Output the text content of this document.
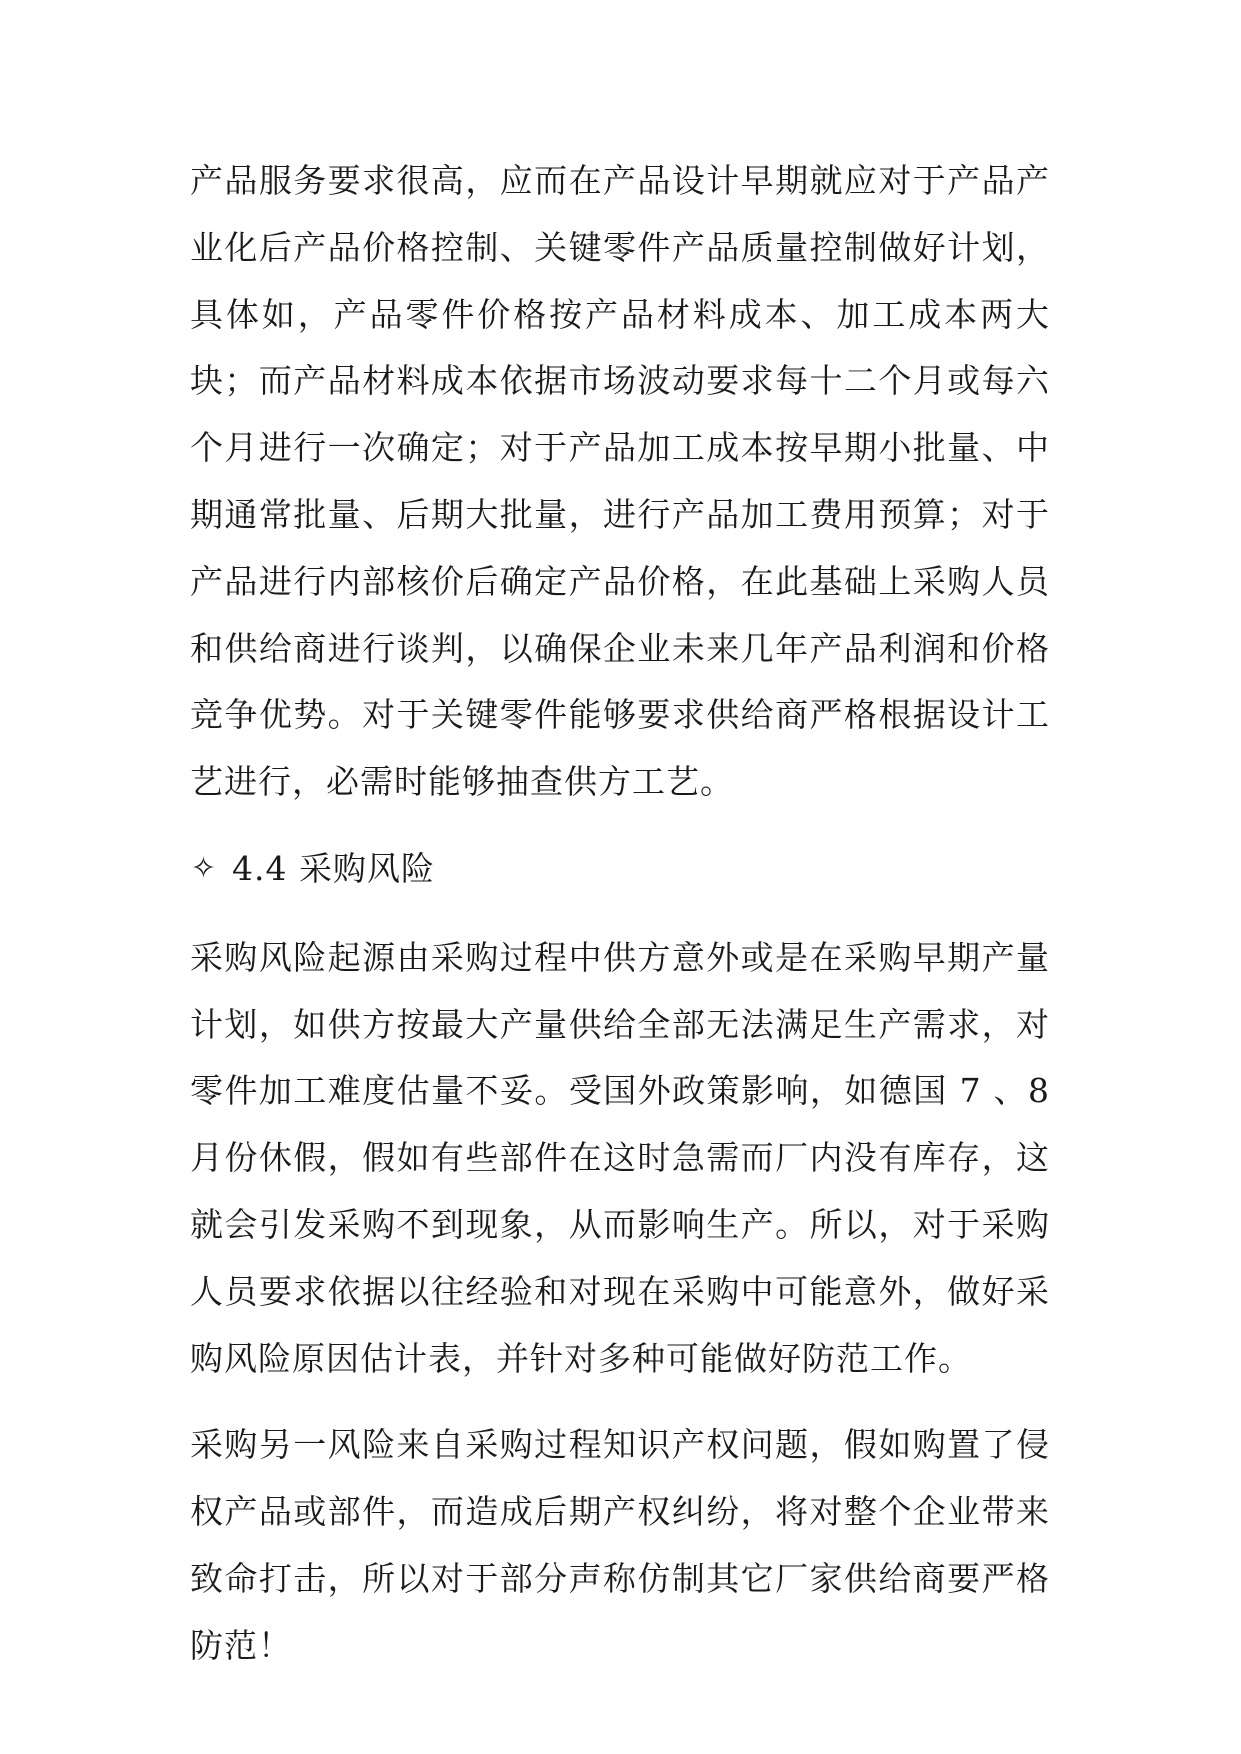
产品服务要求很高，应而在产品设计早期就应对于产品产业化后产品价格控制、关键零件产品质量控制做好计划，具体如，产品零件价格按产品材料成本、加工成本两大块；而产品材料成本依据市场波动要求每十二个月或每六个月进行一次确定；对于产品加工成本按早期小批量、中期通常批量、后期大批量，进行产品加工费用预算；对于产品进行内部核价后确定产品价格，在此基础上采购人员和供给商进行谈判，以确保企业未来几年产品利润和价格竞争优势。对于关键零件能够要求供给商严格根据设计工艺进行，必需时能够抽查供方工艺。

✧ 4.4 采购风险

采购风险起源由采购过程中供方意外或是在采购早期产量计划，如供方按最大产量供给全部无法满足生产需求，对零件加工难度估量不妥。受国外政策影响，如德国 7 、8 月份休假，假如有些部件在这时急需而厂内没有库存，这就会引发采购不到现象，从而影响生产。所以，对于采购人员要求依据以往经验和对现在采购中可能意外，做好采购风险原因估计表，并针对多种可能做好防范工作。

采购另一风险来自采购过程知识产权问题，假如购置了侵权产品或部件，而造成后期产权纠纷，将对整个企业带来致命打击，所以对于部分声称仿制其它厂家供给商要严格防范！
